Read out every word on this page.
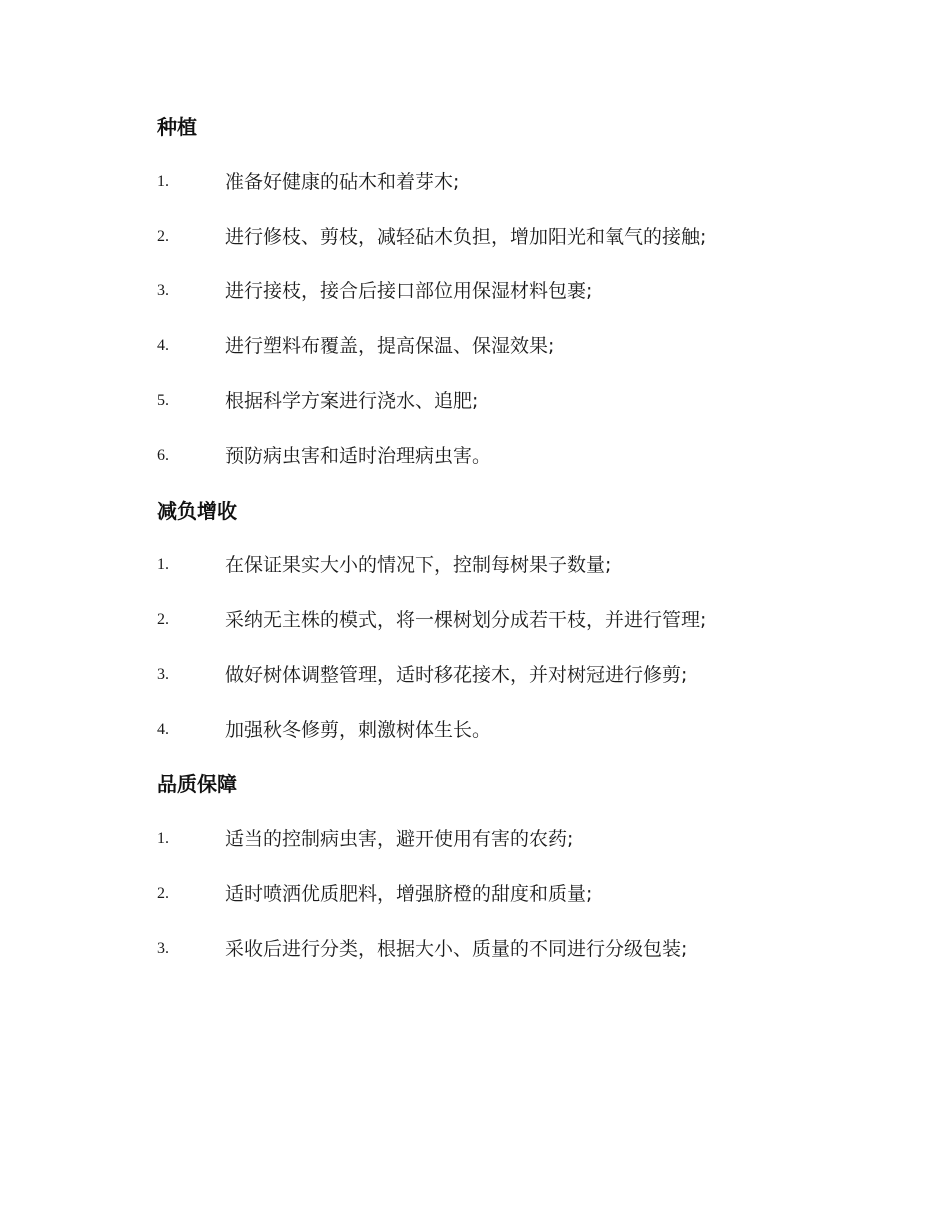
种植
1.	准备好健康的砧木和着芽木;
2.	进行修枝、剪枝，减轻砧木负担，增加阳光和氧气的接触;
3.	进行接枝，接合后接口部位用保湿材料包裹;
4.	进行塑料布覆盖，提高保温、保湿效果;
5.	根据科学方案进行浇水、追肥;
6.	预防病虫害和适时治理病虫害。
减负增收
1.	在保证果实大小的情况下，控制每树果子数量;
2.	采纳无主株的模式，将一棵树划分成若干枝，并进行管理;
3.	做好树体调整管理，适时移花接木，并对树冠进行修剪;
4.	加强秋冬修剪，刺激树体生长。
品质保障
1.	适当的控制病虫害，避开使用有害的农药;
2.	适时喷洒优质肥料，增强脐橙的甜度和质量;
3.	采收后进行分类，根据大小、质量的不同进行分级包装;
